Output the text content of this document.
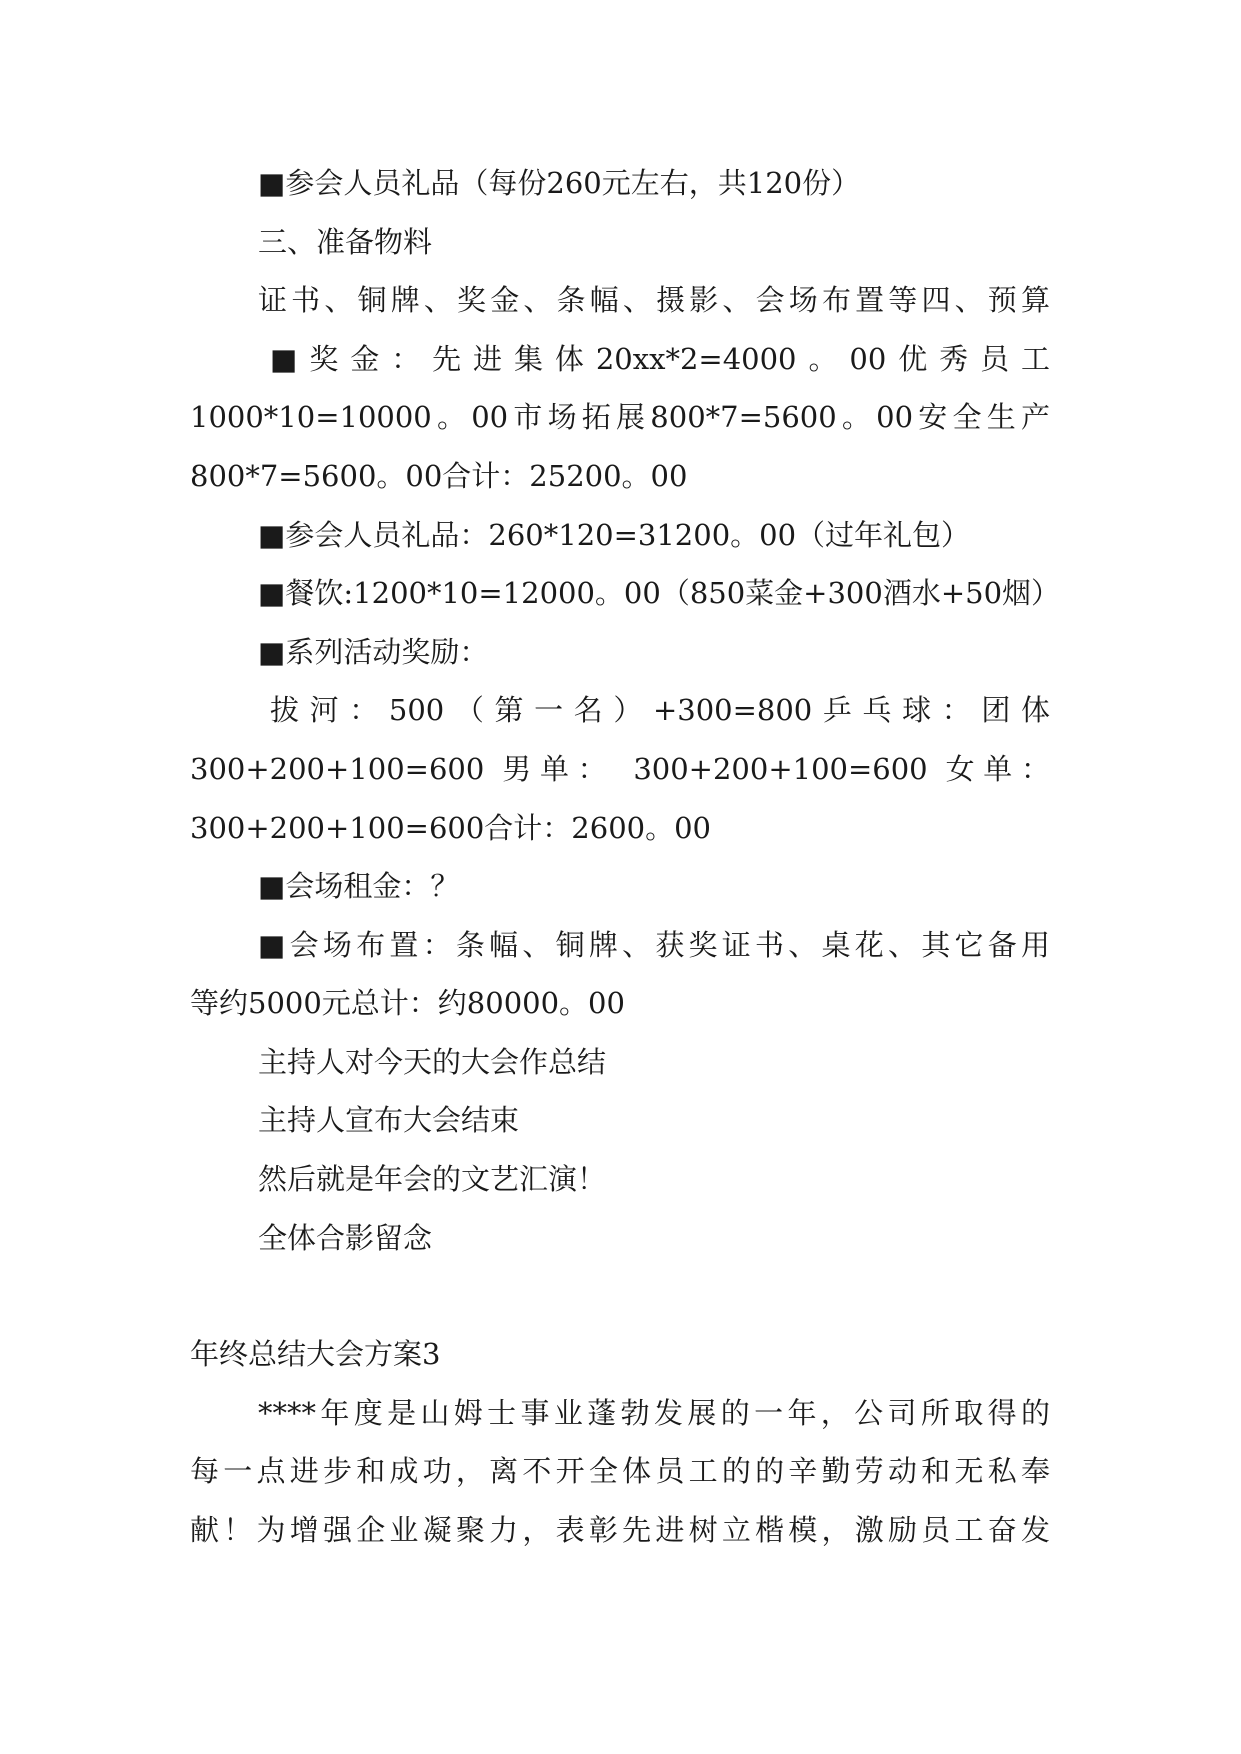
■参会人员礼品（每份260元左右，共120份）

三、准备物料

证书、铜牌、奖金、条幅、摄影、会场布置等四、预算

■奖金：先进集体20xx*2=4000。00优秀员工

1000*10=10000。00市场拓展800*7=5600。00安全生产

800*7=5600。00合计：25200。00

■参会人员礼品：260*120=31200。00（过年礼包）

■餐饮:1200*10=12000。00（850菜金+300酒水+50烟）

■系列活动奖励：

拔河：500（第一名）+300=800乒乓球：团体

300+200+100=600 男单： 300+200+100=600 女单：

300+200+100=600合计：2600。00

■会场租金：？

■会场布置：条幅、铜牌、获奖证书、桌花、其它备用

等约5000元总计：约80000。00

主持人对今天的大会作总结

主持人宣布大会结束

然后就是年会的文艺汇演！

全体合影留念

年终总结大会方案3

****年度是山姆士事业蓬勃发展的一年，公司所取得的

每一点进步和成功，离不开全体员工的的辛勤劳动和无私奉

献！为增强企业凝聚力，表彰先进树立楷模，激励员工奋发
